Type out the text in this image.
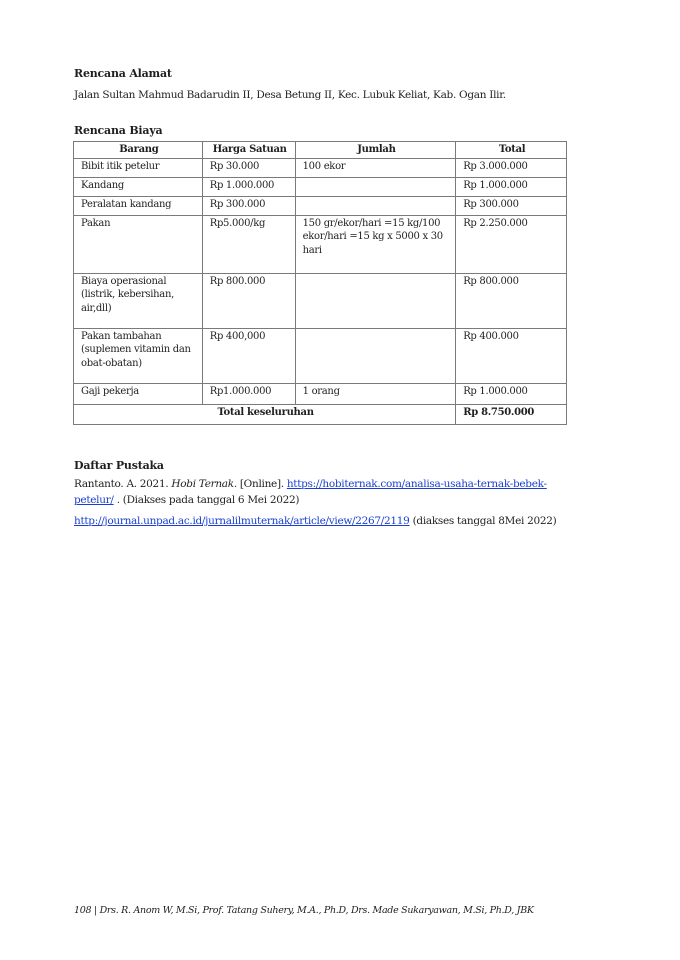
Rencana Alamat
Jalan Sultan Mahmud Badarudin II, Desa Betung II, Kec. Lubuk Keliat, Kab. Ogan Ilir.
Rencana Biaya
Barang	Harga Satuan	Jumlah	Total
Bibit itik petelur	Rp 30.000	100 ekor	Rp 3.000.000
Kandang	Rp 1.000.000		Rp 1.000.000
Peralatan kandang	Rp 300.000		Rp 300.000
Pakan	Rp5.000/kg	150 gr/ekor/hari =15 kg/100 ekor/hari =15 kg x 5000 x 30 hari	Rp 2.250.000
Biaya operasional (listrik, kebersihan, air,dll)	Rp 800.000		Rp 800.000
Pakan tambahan (suplemen vitamin dan obat-obatan)	Rp 400,000		Rp 400.000
Gaji pekerja	Rp1.000.000	1 orang	Rp 1.000.000
Total keseluruhan			Rp 8.750.000
Daftar Pustaka
Rantanto. A. 2021. Hobi Ternak. [Online]. https://hobiternak.com/analisa-usaha-ternak-bebek-petelur/ . (Diakses pada tanggal 6 Mei 2022)
http://journal.unpad.ac.id/jurnalilmuternak/article/view/2267/2119 (diakses tanggal 8Mei 2022)
108 | Drs. R. Anom W, M.Si, Prof. Tatang Suhery, M.A., Ph.D, Drs. Made Sukaryawan, M.Si, Ph.D, JBK
